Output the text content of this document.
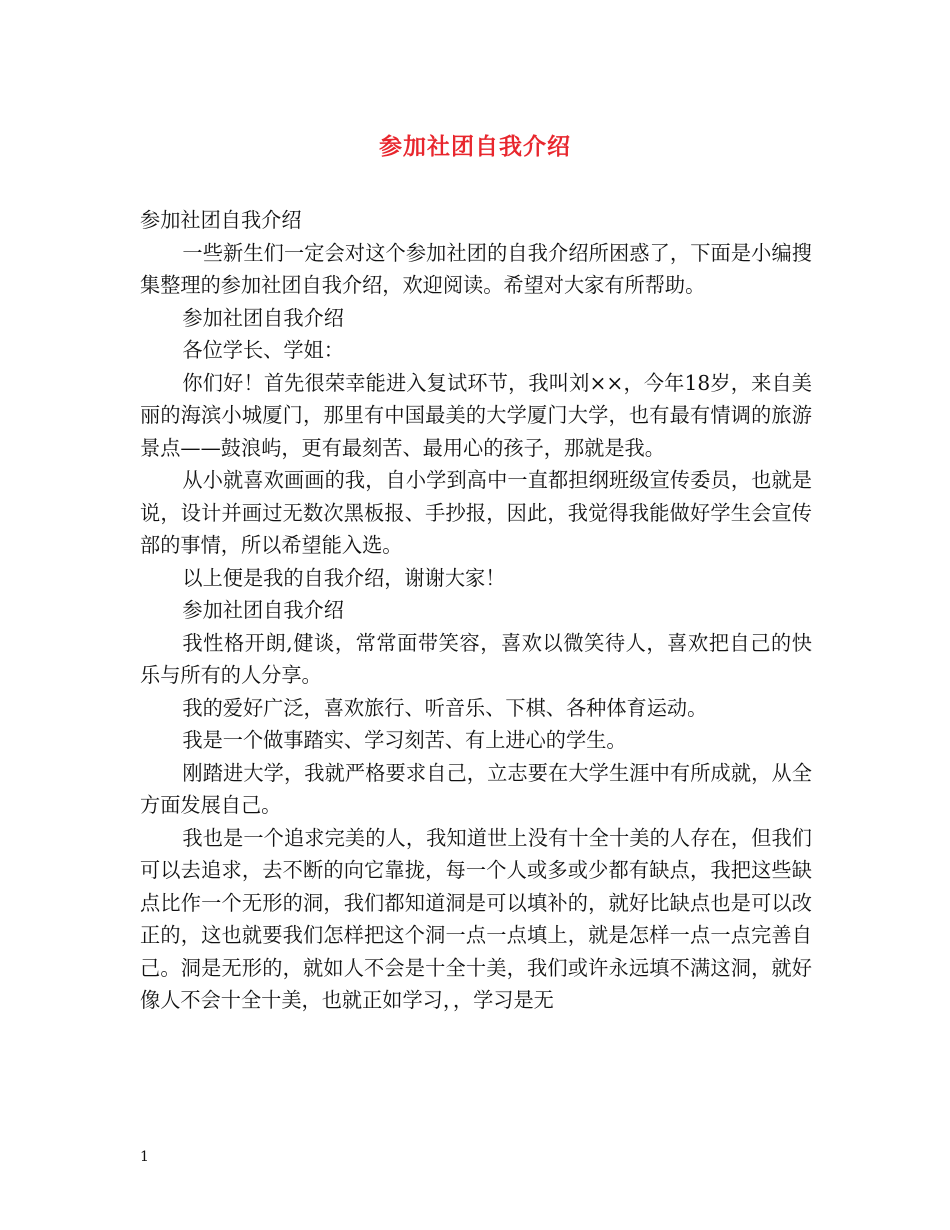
参加社团自我介绍

参加社团自我介绍

一些新生们一定会对这个参加社团的自我介绍所困惑了，下面是小编搜集整理的参加社团自我介绍，欢迎阅读。希望对大家有所帮助。

参加社团自我介绍

各位学长、学姐：

你们好！首先很荣幸能进入复试环节，我叫刘××，今年18岁，来自美丽的海滨小城厦门，那里有中国最美的大学厦门大学，也有最有情调的旅游景点——鼓浪屿，更有最刻苦、最用心的孩子，那就是我。

从小就喜欢画画的我，自小学到高中一直都担纲班级宣传委员，也就是说，设计并画过无数次黑板报、手抄报，因此，我觉得我能做好学生会宣传部的事情，所以希望能入选。

以上便是我的自我介绍，谢谢大家！

参加社团自我介绍

我性格开朗,健谈，常常面带笑容，喜欢以微笑待人，喜欢把自己的快乐与所有的人分享。

我的爱好广泛，喜欢旅行、听音乐、下棋、各种体育运动。

我是一个做事踏实、学习刻苦、有上进心的学生。

刚踏进大学，我就严格要求自己，立志要在大学生涯中有所成就，从全方面发展自己。

我也是一个追求完美的人，我知道世上没有十全十美的人存在，但我们可以去追求，去不断的向它靠拢，每一个人或多或少都有缺点，我把这些缺点比作一个无形的洞，我们都知道洞是可以填补的，就好比缺点也是可以改正的，这也就要我们怎样把这个洞一点一点填上，就是怎样一点一点完善自己。洞是无形的，就如人不会是十全十美，我们或许永远填不满这洞，就好像人不会十全十美，也就正如学习，，学习是无

1
